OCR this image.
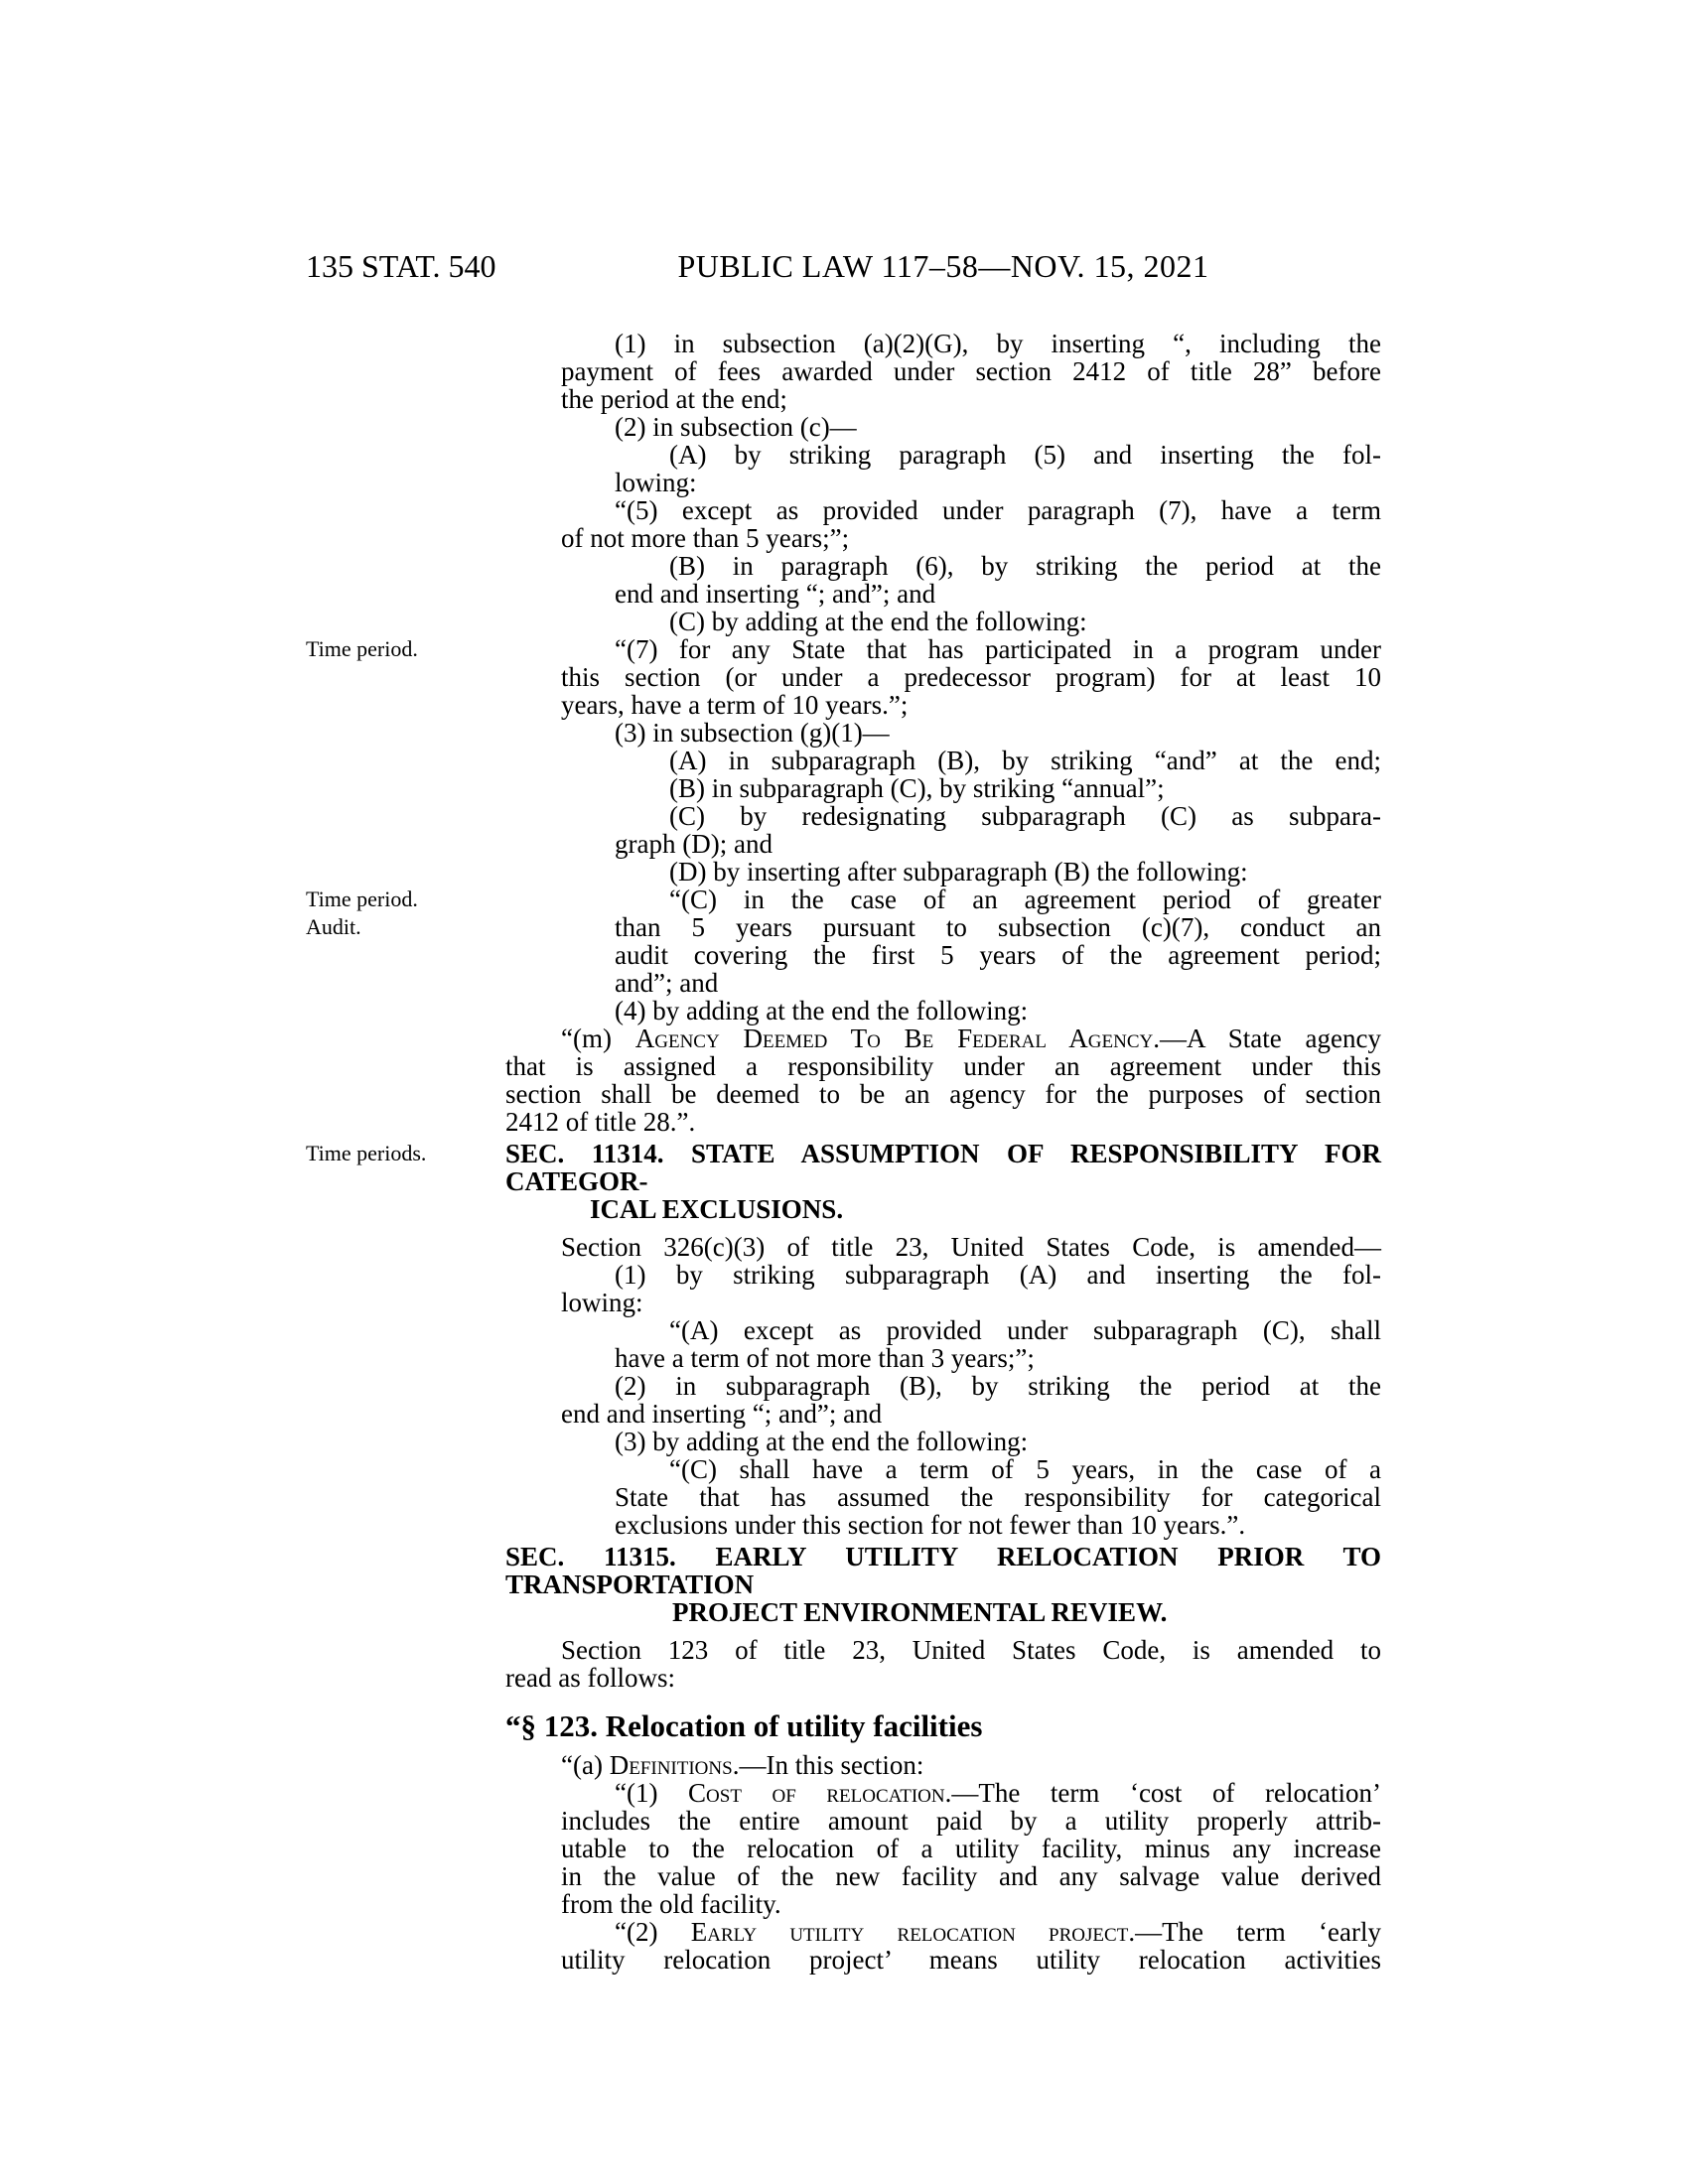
135 STAT. 540	PUBLIC LAW 117–58—NOV. 15, 2021
Time period.
Time period.
Audit.
Time periods.
(1) in subsection (a)(2)(G), by inserting “, including the
payment of fees awarded under section 2412 of title 28” before
the period at the end;
(2) in subsection (c)—
(A) by striking paragraph (5) and inserting the fol-
lowing:
“(5) except as provided under paragraph (7), have a term
of not more than 5 years;”;
(B) in paragraph (6), by striking the period at the
end and inserting “; and”; and
(C) by adding at the end the following:
“(7) for any State that has participated in a program under
this section (or under a predecessor program) for at least 10
years, have a term of 10 years.”;
(3) in subsection (g)(1)—
(A) in subparagraph (B), by striking “and” at the end;
(B) in subparagraph (C), by striking “annual”;
(C) by redesignating subparagraph (C) as subpara-
graph (D); and
(D) by inserting after subparagraph (B) the following:
“(C) in the case of an agreement period of greater
than 5 years pursuant to subsection (c)(7), conduct an
audit covering the first 5 years of the agreement period;
and”; and
(4) by adding at the end the following:
“(m) Agency Deemed To Be Federal Agency.—A State agency
that is assigned a responsibility under an agreement under this
section shall be deemed to be an agency for the purposes of section
2412 of title 28.”.
SEC. 11314. STATE ASSUMPTION OF RESPONSIBILITY FOR CATEGOR-
ICAL EXCLUSIONS.
Section 326(c)(3) of title 23, United States Code, is amended—
(1) by striking subparagraph (A) and inserting the fol-
lowing:
“(A) except as provided under subparagraph (C), shall
have a term of not more than 3 years;”;
(2) in subparagraph (B), by striking the period at the
end and inserting “; and”; and
(3) by adding at the end the following:
“(C) shall have a term of 5 years, in the case of a
State that has assumed the responsibility for categorical
exclusions under this section for not fewer than 10 years.”.
SEC. 11315. EARLY UTILITY RELOCATION PRIOR TO TRANSPORTATION
PROJECT ENVIRONMENTAL REVIEW.
Section 123 of title 23, United States Code, is amended to
read as follows:
“§ 123. Relocation of utility facilities
“(a) Definitions.—In this section:
“(1) Cost of relocation.—The term ‘cost of relocation’
includes the entire amount paid by a utility properly attrib-
utable to the relocation of a utility facility, minus any increase
in the value of the new facility and any salvage value derived
from the old facility.
“(2) Early utility relocation project.—The term ‘early
utility relocation project’ means utility relocation activities
